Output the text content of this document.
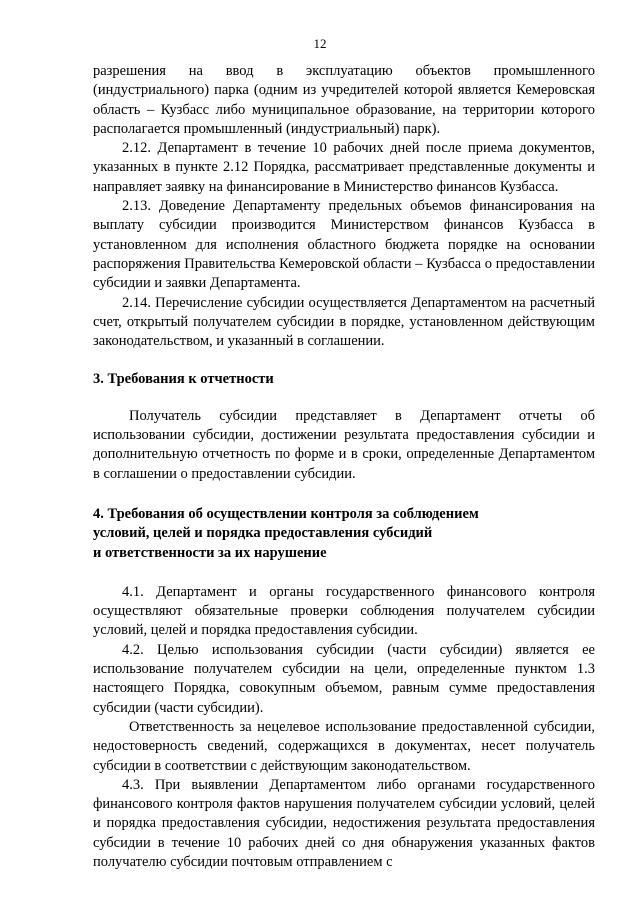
12

разрешения на ввод в эксплуатацию объектов промышленного (индустриального) парка (одним из учредителей которой является Кемеровская область – Кузбасс либо муниципальное образование, на территории которого располагается промышленный (индустриальный) парк).

2.12. Департамент в течение 10 рабочих дней после приема документов, указанных в пункте 2.12 Порядка, рассматривает представленные документы и направляет заявку на финансирование в Министерство финансов Кузбасса.

2.13. Доведение Департаменту предельных объемов финансирования на выплату субсидии производится Министерством финансов Кузбасса в установленном для исполнения областного бюджета порядке на основании распоряжения Правительства Кемеровской области – Кузбасса о предоставлении субсидии и заявки Департамента.

2.14. Перечисление субсидии осуществляется Департаментом на расчетный счет, открытый получателем субсидии в порядке, установленном действующим законодательством, и указанный в соглашении.

3. Требования к отчетности

Получатель субсидии представляет в Департамент отчеты об использовании субсидии, достижении результата предоставления субсидии и дополнительную отчетность по форме и в сроки, определенные Департаментом в соглашении о предоставлении субсидии.

4. Требования об осуществлении контроля за соблюдением

условий, целей и порядка предоставления субсидий

и ответственности за их нарушение

4.1. Департамент и органы государственного финансового контроля осуществляют обязательные проверки соблюдения получателем субсидии условий, целей и порядка предоставления субсидии.

4.2. Целью использования субсидии (части субсидии) является ее использование получателем субсидии на цели, определенные пунктом 1.3 настоящего Порядка, совокупным объемом, равным сумме предоставления субсидии (части субсидии).

Ответственность за нецелевое использование предоставленной субсидии, недостоверность сведений, содержащихся в документах, несет получатель субсидии в соответствии с действующим законодательством.

4.3. При выявлении Департаментом либо органами государственного финансового контроля фактов нарушения получателем субсидии условий, целей и порядка предоставления субсидии, недостижения результата предоставления субсидии в течение 10 рабочих дней со дня обнаружения указанных фактов получателю субсидии почтовым отправлением с
